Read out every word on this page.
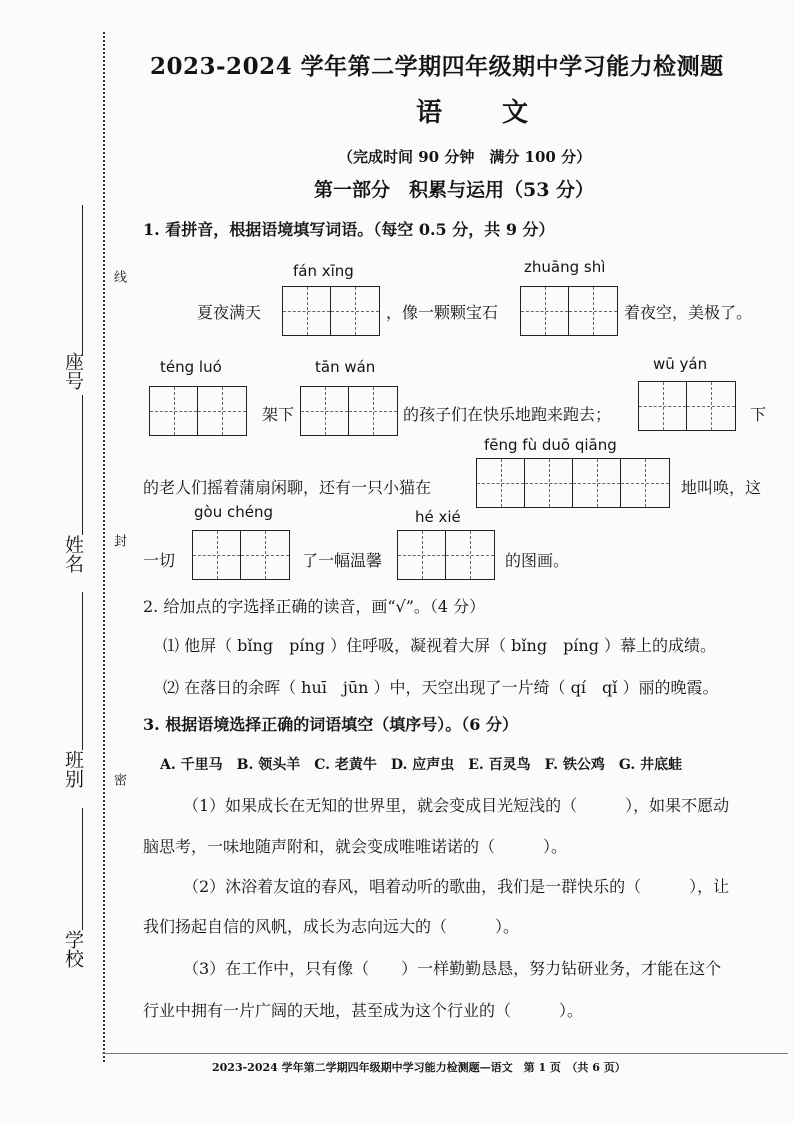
座号
姓名
班别
学校
线
封
密
2023-2024 学年第二学期四年级期中学习能力检测题
语文
（完成时间 90 分钟　满分 100 分）
第一部分　积累与运用（53 分）
1. 看拼音，根据语境填写词语。（每空 0.5 分，共 9 分）
fán xīng	zhuāng shì
夏夜满天	，像一颗颗宝石	着夜空，美极了。
téng luó	tān wán	wū yán
架下	的孩子们在快乐地跑来跑去；	下
fēng fù duō qiāng
的老人们摇着蒲扇闲聊，还有一只小猫在	地叫唤，这
gòu chéng	hé xié
一切	了一幅温馨	的图画。
2. 给加点的字选择正确的读音，画“√”。（4 分）
⑴ 他屏（ bǐng　píng ）住呼吸，凝视着大屏（ bǐng　píng ）幕上的成绩。
⑵ 在落日的余晖（ huī　jūn ）中，天空出现了一片绮（ qí　qǐ ）丽的晚霞。
3. 根据语境选择正确的词语填空（填序号）。（6 分）
A. 千里马　B. 领头羊　C. 老黄牛　D. 应声虫　E. 百灵鸟　F. 铁公鸡　G. 井底蛙
（1）如果成长在无知的世界里，就会变成目光短浅的（　　　），如果不愿动
脑思考，一味地随声附和，就会变成唯唯诺诺的（　　　）。
（2）沐浴着友谊的春风，唱着动听的歌曲，我们是一群快乐的（　　　），让
我们扬起自信的风帆，成长为志向远大的（　　　）。
（3）在工作中，只有像（　　）一样勤勤恳恳，努力钻研业务，才能在这个
行业中拥有一片广阔的天地，甚至成为这个行业的（　　　）。
2023-2024 学年第二学期四年级期中学习能力检测题—语文　第 1 页　（共 6 页）
